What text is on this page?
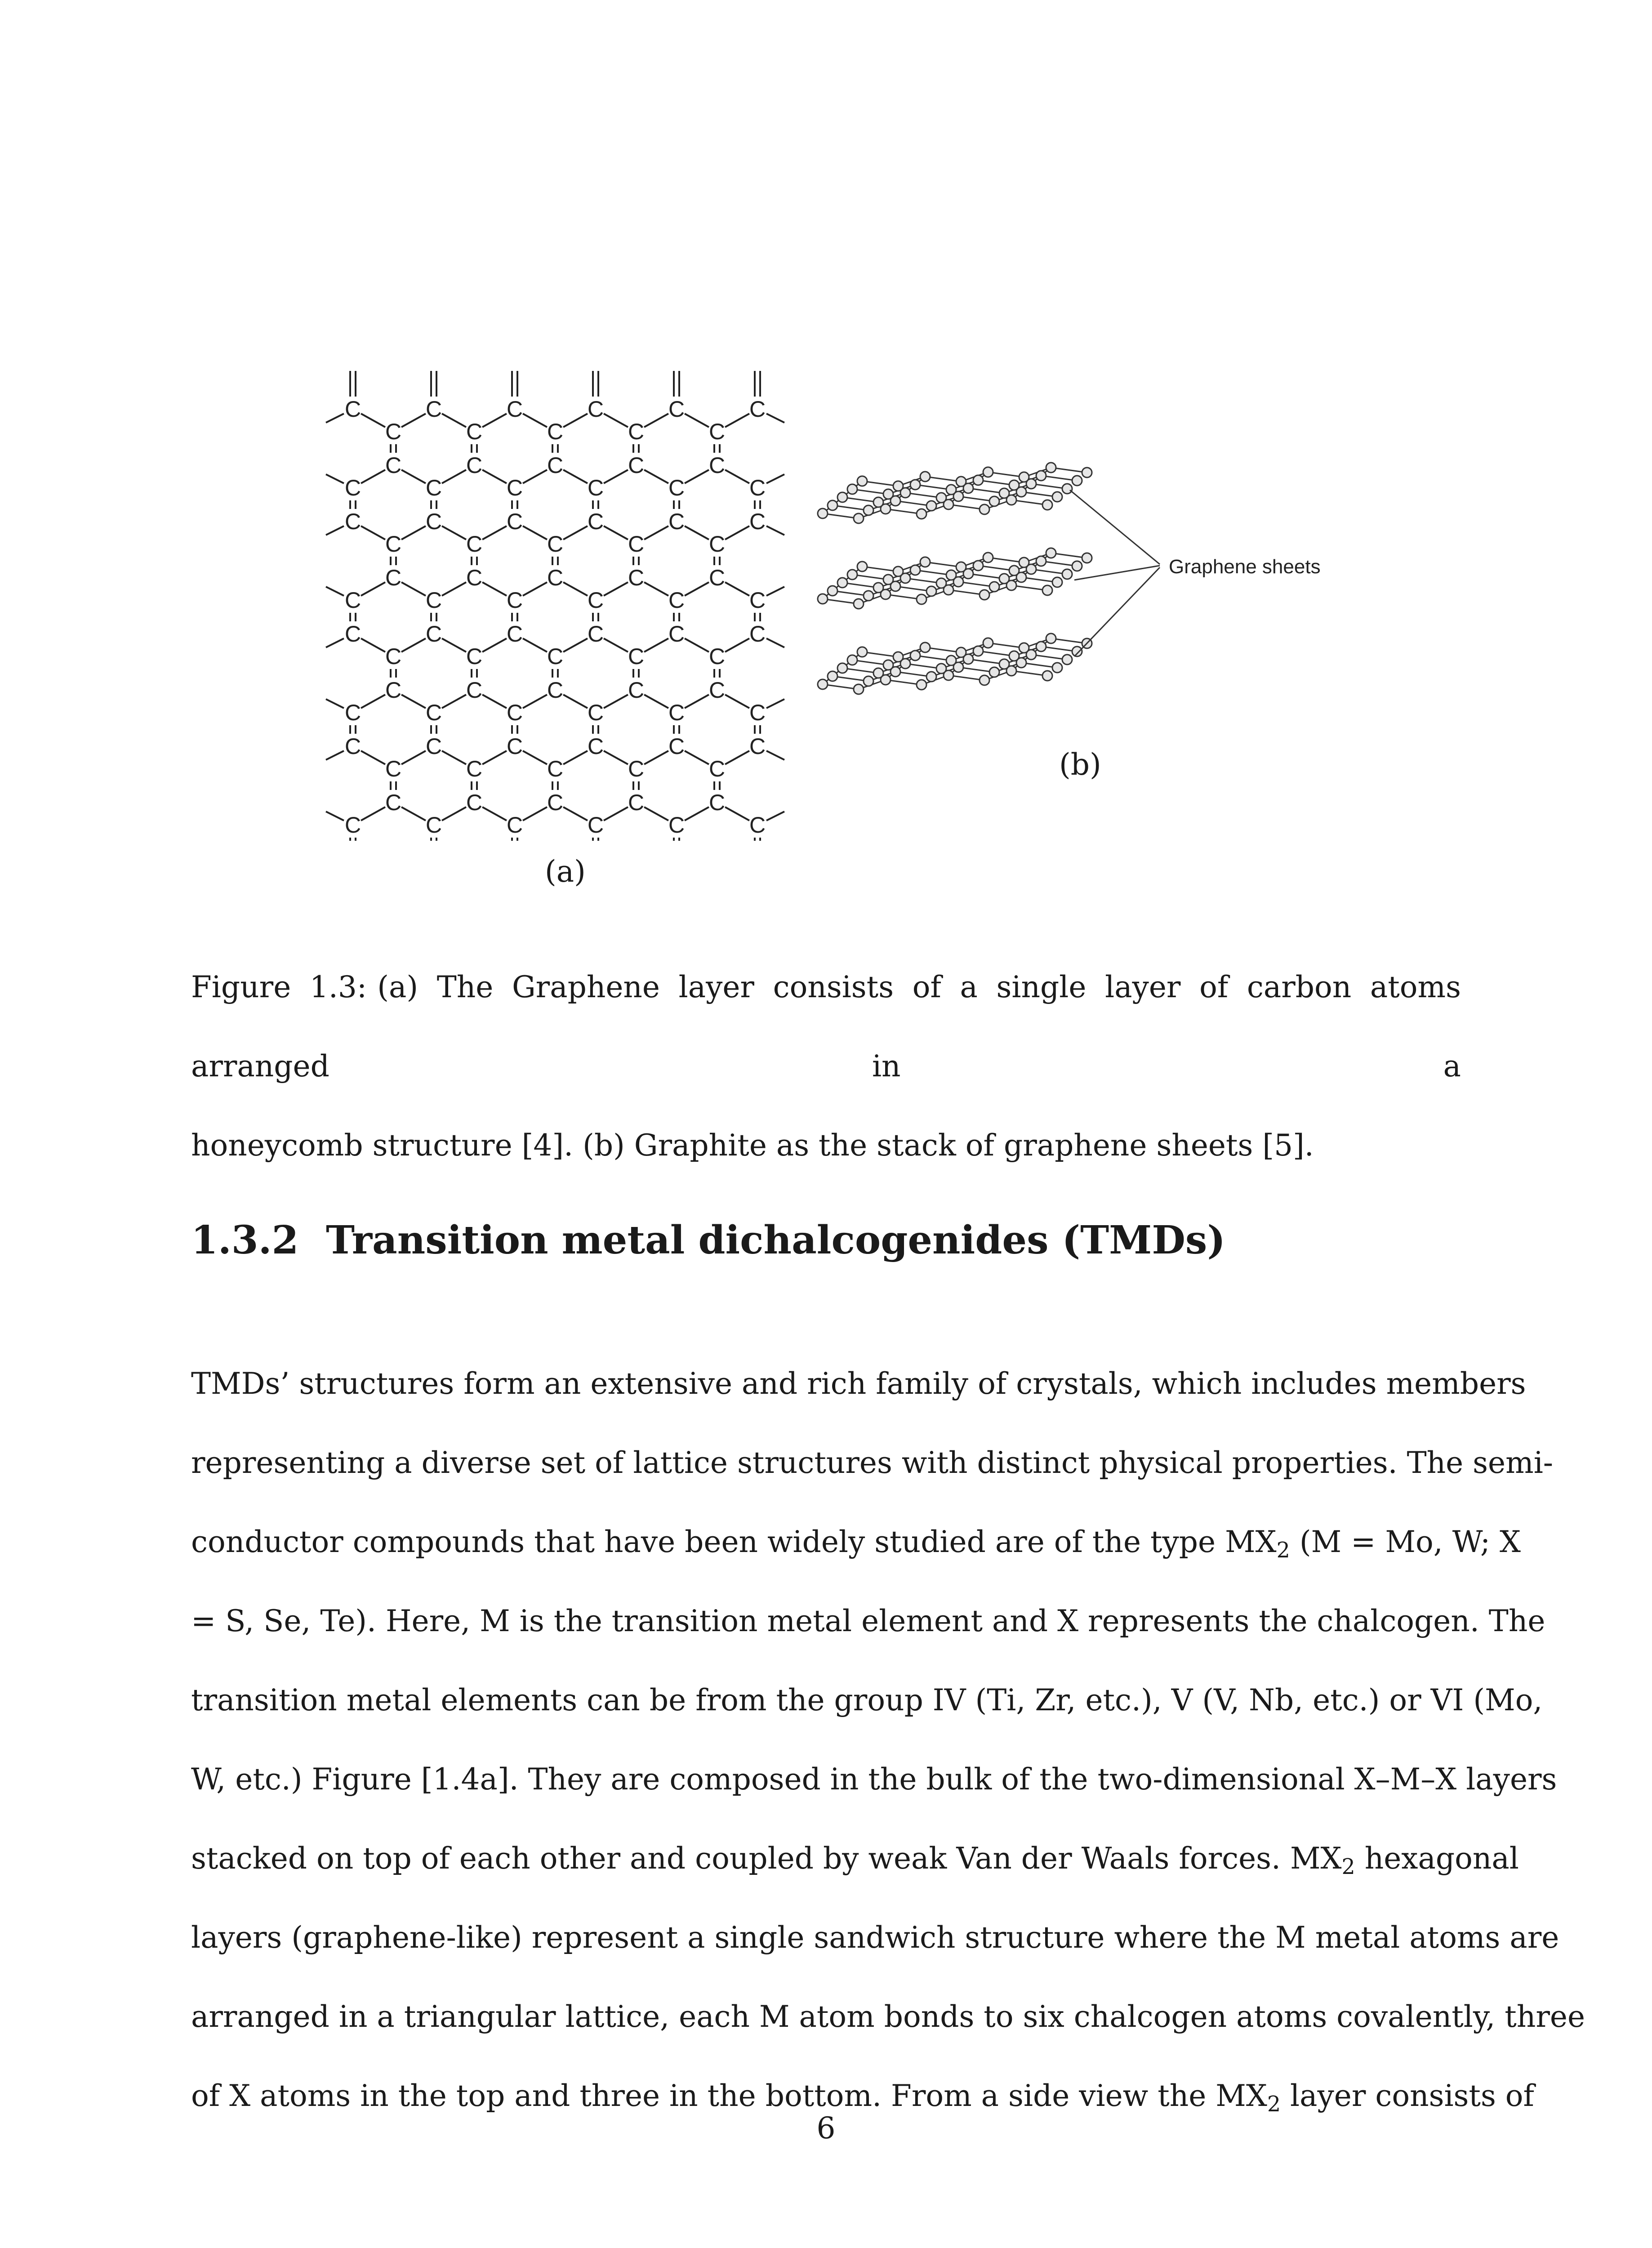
C
C
C
C
C
C
C
C
C
C
C
C
C
C
C
C
C
C
C
C
C
C
C
C
C
C
C
C
C
C
C
C
C
C
C
C
C
C
C
C
C
C
C
C
C
C
C
C
C
C
C
C
C
C
C
C
C
C
C
C
C
C
C
C
C
C
C
C
C
C
C
C
C
C
C
C
C
C
C
C
C
C
C
C
C
C
C
C
Graphene sheets
(a)
(b)
Figure 1.3: (a) The Graphene layer consists of a single layer of carbon atoms arranged in a
honeycomb structure [4]. (b) Graphite as the stack of graphene sheets [5].
1.3.2 Transition metal dichalcogenides (TMDs)
TMDs’ structures form an extensive and rich family of crystals, which includes members
representing a diverse set of lattice structures with distinct physical properties. The semi-
conductor compounds that have been widely studied are of the type $MX_2$ (M = Mo, W; X
= S, Se, Te). Here, M is the transition metal element and X represents the chalcogen. The
transition metal elements can be from the group IV (Ti, Zr, etc.), V (V, Nb, etc.) or VI (Mo,
W, etc.) Figure [1.4a]. They are composed in the bulk of the two-dimensional X–M–X layers
stacked on top of each other and coupled by weak Van der Waals forces. $MX_2$ hexagonal
layers (graphene-like) represent a single sandwich structure where the M metal atoms are
arranged in a triangular lattice, each M atom bonds to six chalcogen atoms covalently, three
of X atoms in the top and three in the bottom. From a side view the $MX_2$ layer consists of
6
